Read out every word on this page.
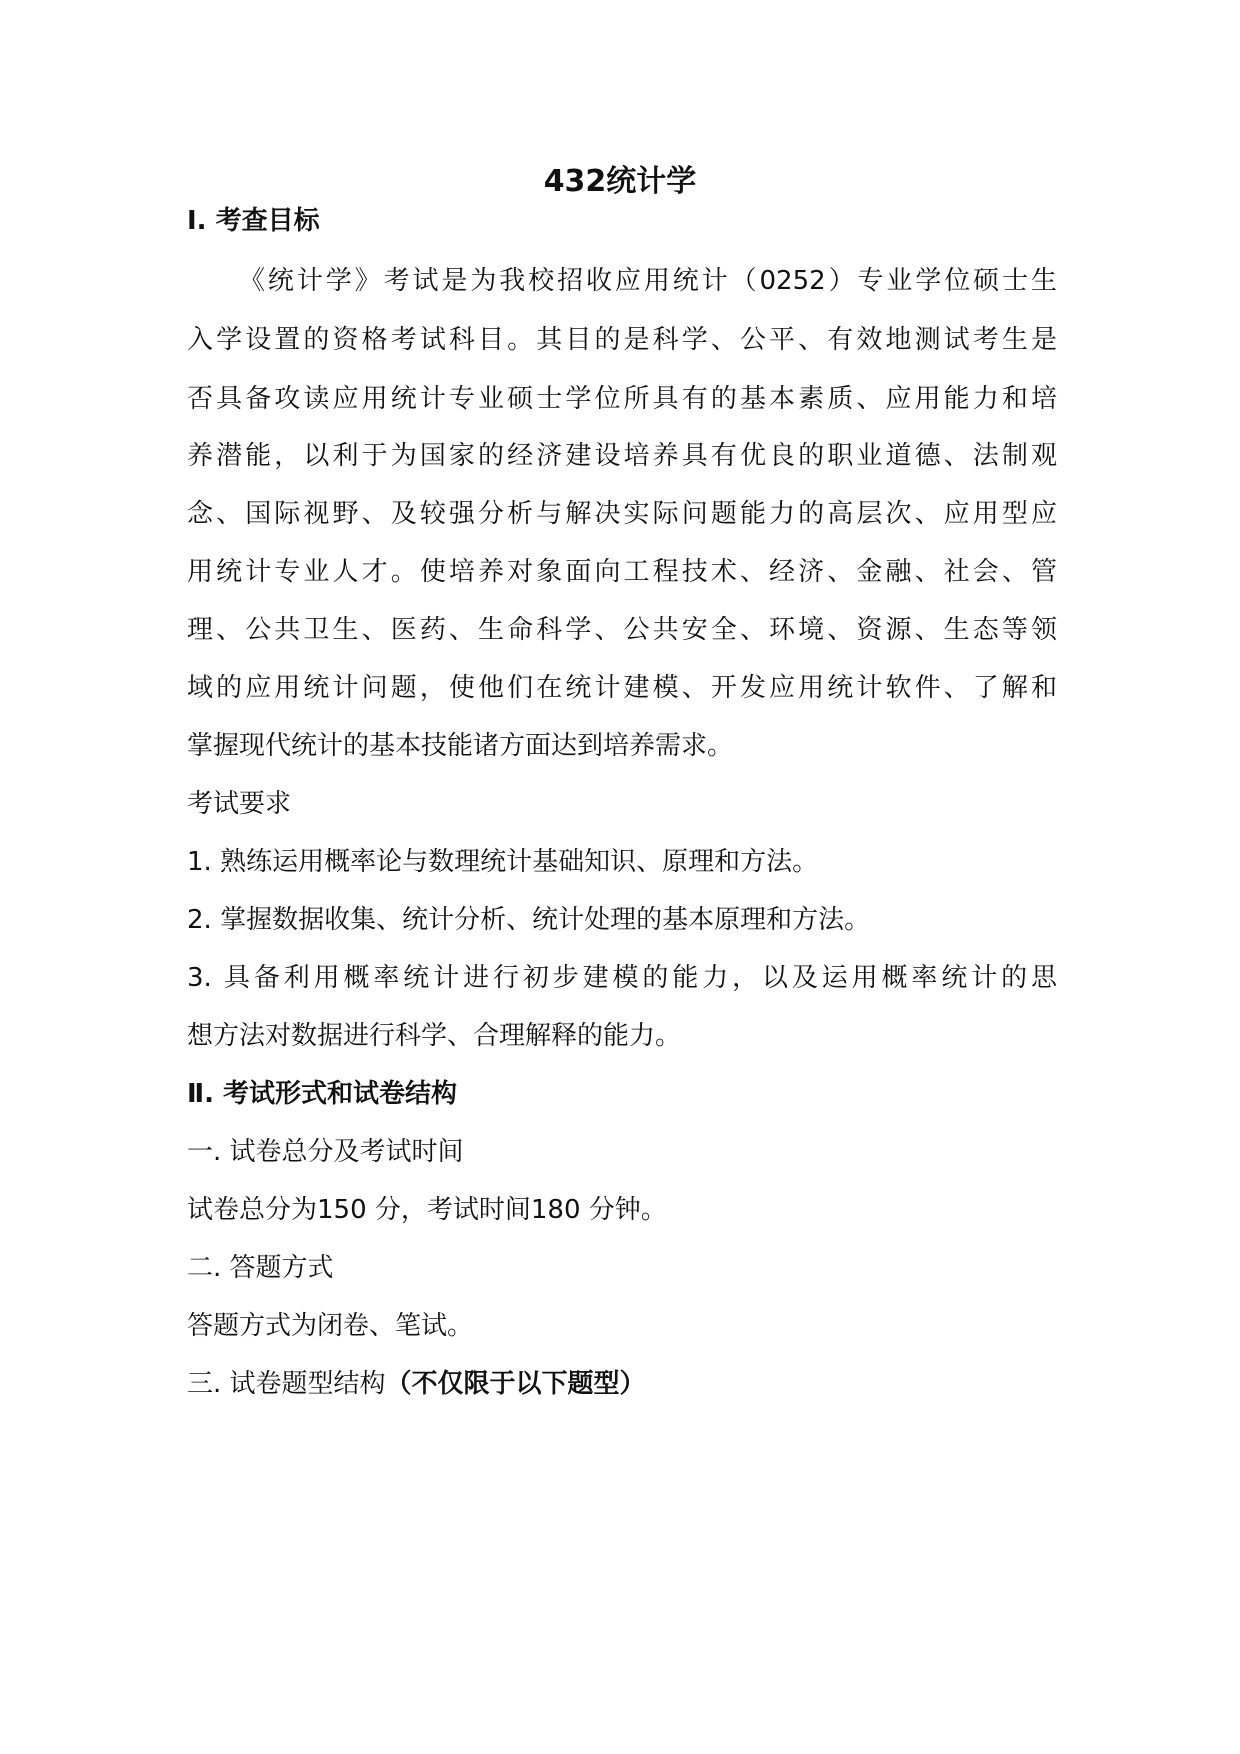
432统计学
Ⅰ. 考查目标
《统计学》考试是为我校招收应用统计（0252）专业学位硕士生
入学设置的资格考试科目。其目的是科学、公平、有效地测试考生是
否具备攻读应用统计专业硕士学位所具有的基本素质、应用能力和培
养潜能，以利于为国家的经济建设培养具有优良的职业道德、法制观
念、国际视野、及较强分析与解决实际问题能力的高层次、应用型应
用统计专业人才。使培养对象面向工程技术、经济、金融、社会、管
理、公共卫生、医药、生命科学、公共安全、环境、资源、生态等领
域的应用统计问题，使他们在统计建模、开发应用统计软件、了解和
掌握现代统计的基本技能诸方面达到培养需求。
考试要求
1. 熟练运用概率论与数理统计基础知识、原理和方法。
2. 掌握数据收集、统计分析、统计处理的基本原理和方法。
3. 具备利用概率统计进行初步建模的能力，以及运用概率统计的思
想方法对数据进行科学、合理解释的能力。
Ⅱ. 考试形式和试卷结构
一. 试卷总分及考试时间
试卷总分为150 分，考试时间180 分钟。
二. 答题方式
答题方式为闭卷、笔试。
三. 试卷题型结构（不仅限于以下题型）
